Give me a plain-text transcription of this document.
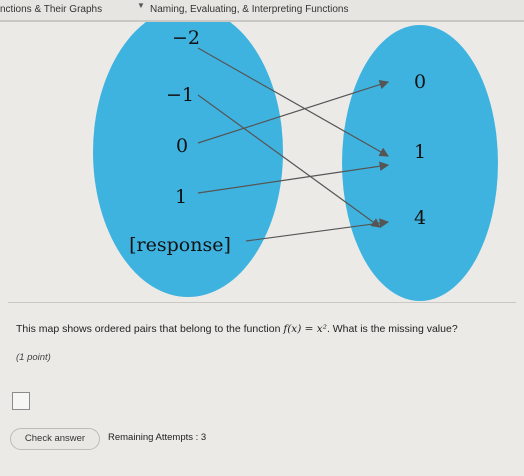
nctions & Their Graphs	▼ Naming, Evaluating, & Interpreting Functions
−2
−1
0
1
[response]
0
1
4
This map shows ordered pairs that belong to the function f(x) = x². What is the missing value?
(1 point)
Check answer	Remaining Attempts : 3
